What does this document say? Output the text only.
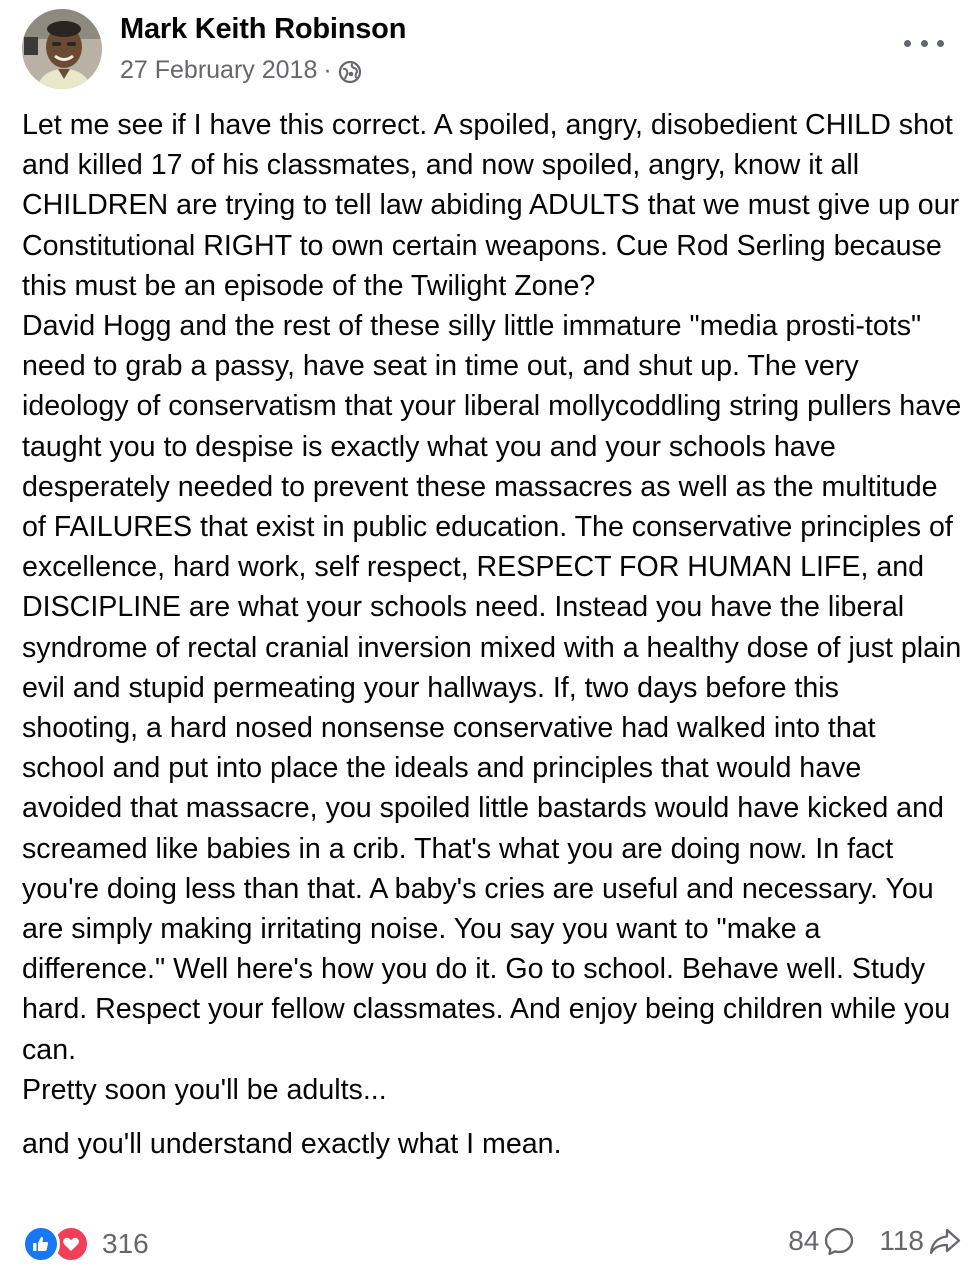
Mark Keith Robinson
27 February 2018 ·

Let me see if I have this correct. A spoiled, angry, disobedient CHILD shot and killed 17 of his classmates, and now spoiled, angry, know it all CHILDREN are trying to tell law abiding ADULTS that we must give up our Constitutional RIGHT to own certain weapons. Cue Rod Serling because this must be an episode of the Twilight Zone?

David Hogg and the rest of these silly little immature "media prosti-tots" need to grab a passy, have seat in time out, and shut up. The very ideology of conservatism that your liberal mollycoddling string pullers have taught you to despise is exactly what you and your schools have desperately needed to prevent these massacres as well as the multitude of FAILURES that exist in public education. The conservative principles of excellence, hard work, self respect, RESPECT FOR HUMAN LIFE, and DISCIPLINE are what your schools need. Instead you have the liberal syndrome of rectal cranial inversion mixed with a healthy dose of just plain evil and stupid permeating your hallways. If, two days before this shooting, a hard nosed nonsense conservative had walked into that school and put into place the ideals and principles that would have avoided that massacre, you spoiled little bastards would have kicked and screamed like babies in a crib. That's what you are doing now. In fact you're doing less than that. A baby's cries are useful and necessary. You are simply making irritating noise. You say you want to "make a difference." Well here's how you do it. Go to school. Behave well. Study hard. Respect your fellow classmates. And enjoy being children while you can.

Pretty soon you'll be adults...

and you'll understand exactly what I mean.

316	84 118
